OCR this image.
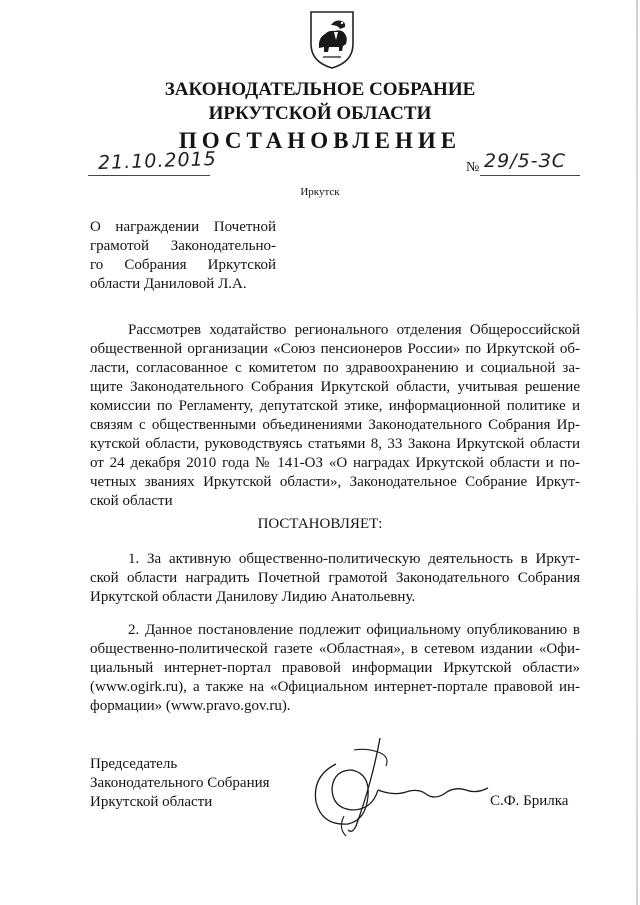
ЗАКОНОДАТЕЛЬНОЕ СОБРАНИЕ
ИРКУТСКОЙ ОБЛАСТИ
ПОСТАНОВЛЕНИЕ
21.10.2015	№ 29/5-ЗС
Иркутск
О награждении Почетной
грамотой Законодательно-
го Собрания Иркутской
области Даниловой Л.А.
Рассмотрев ходатайство регионального отделения Общероссийской
общественной организации «Союз пенсионеров России» по Иркутской об-
ласти, согласованное с комитетом по здравоохранению и социальной за-
щите Законодательного Собрания Иркутской области, учитывая решение
комиссии по Регламенту, депутатской этике, информационной политике и
связям с общественными объединениями Законодательного Собрания Ир-
кутской области, руководствуясь статьями 8, 33 Закона Иркутской области
от 24 декабря 2010 года № 141-ОЗ «О наградах Иркутской области и по-
четных званиях Иркутской области», Законодательное Собрание Иркут-
ской области
ПОСТАНОВЛЯЕТ:
1. За активную общественно-политическую деятельность в Иркут-
ской области наградить Почетной грамотой Законодательного Собрания
Иркутской области Данилову Лидию Анатольевну.
2. Данное постановление подлежит официальному опубликованию в
общественно-политической газете «Областная», в сетевом издании «Офи-
циальный интернет-портал правовой информации Иркутской области»
(www.ogirk.ru), а также на «Официальном интернет-портале правовой ин-
формации» (www.pravo.gov.ru).
Председатель
Законодательного Собрания
Иркутской области	С.Ф. Брилка
